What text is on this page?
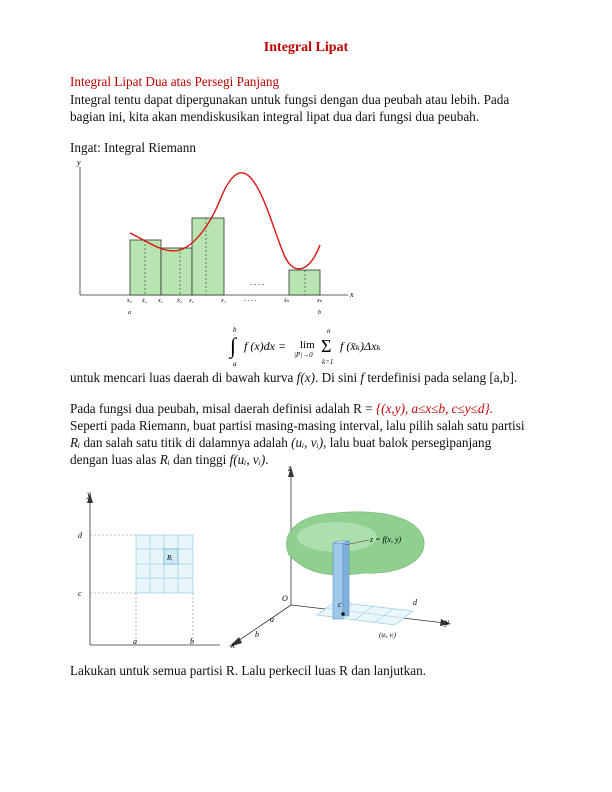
Integral Lipat
Integral Lipat Dua atas Persegi Panjang
Integral tentu dapat dipergunakan untuk fungsi dengan dua peubah atau lebih. Pada
bagian ini, kita akan mendiskusikan integral lipat dua dari fungsi dua peubah.
Ingat: Integral Riemann
y
x
. . . .
. . . .
x₀ x̄₁ x₁ x̄₂ x₂	x₃	x̄ₙ	xₙ
a	b
b
∫
a
f (x)dx = lim
|P|→0
n
Σ
k=1
f (x̄ₖ)Δxₖ
untuk mencari luas daerah di bawah kurva f(x). Di sini f terdefinisi pada selang [a,b].
Pada fungsi dua peubah, misal daerah definisi adalah R = {(x,y), a≤x≤b, c≤y≤d}.
Seperti pada Riemann, buat partisi masing-masing interval, lalu pilih salah satu partisi
Rᵢ dan salah satu titik di dalamnya adalah (uᵢ, vᵢ), lalu buat balok persegipanjang
dengan luas alas Rᵢ dan tinggi f(uᵢ, vᵢ).
y
Rᵢ
d
c
a	b
z
x
y
z = f(x, y)
O
a
b
c	d
(uᵢ, vᵢ)
Lakukan untuk semua partisi R. Lalu perkecil luas R dan lanjutkan.
